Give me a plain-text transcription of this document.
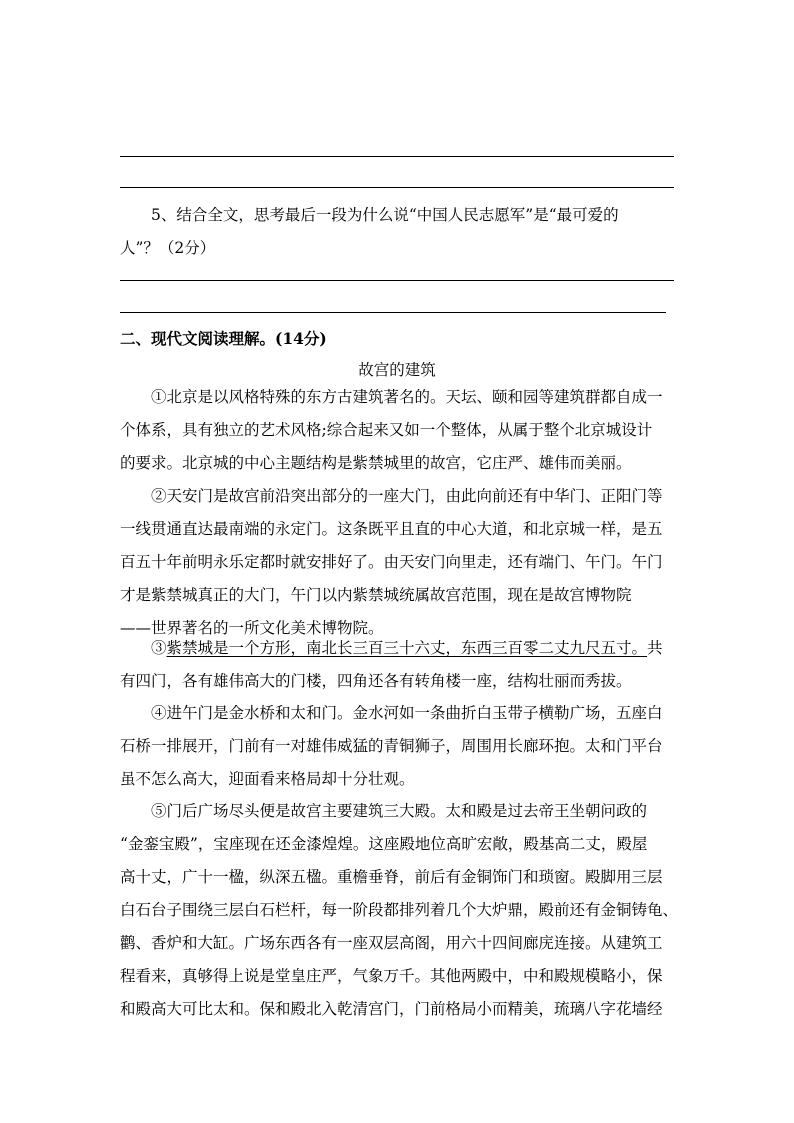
5、结合全文，思考最后一段为什么说“中国人民志愿军”是“最可爱的
人”？（2分）
二、现代文阅读理解。(14分)
故宫的建筑
①北京是以风格特殊的东方古建筑著名的。天坛、颐和园等建筑群都自成一
个体系，具有独立的艺术风格;综合起来又如一个整体，从属于整个北京城设计
的要求。北京城的中心主题结构是紫禁城里的故宫，它庄严、雄伟而美丽。
②天安门是故宫前沿突出部分的一座大门，由此向前还有中华门、正阳门等
一线贯通直达最南端的永定门。这条既平且直的中心大道，和北京城一样，是五
百五十年前明永乐定都时就安排好了。由天安门向里走，还有端门、午门。午门
才是紫禁城真正的大门，午门以内紫禁城统属故宫范围，现在是故宫博物院
——世界著名的一所文化美术博物院。
③紫禁城是一个方形，南北长三百三十六丈，东西三百零二丈九尺五寸。共
有四门，各有雄伟高大的门楼，四角还各有转角楼一座，结构壮丽而秀拔。
④进午门是金水桥和太和门。金水河如一条曲折白玉带子横勒广场，五座白
石桥一排展开，门前有一对雄伟威猛的青铜狮子，周围用长廊环抱。太和门平台
虽不怎么高大，迎面看来格局却十分壮观。
⑤门后广场尽头便是故宫主要建筑三大殿。太和殿是过去帝王坐朝问政的
“金銮宝殿”，宝座现在还金漆煌煌。这座殿地位高旷宏敞，殿基高二丈，殿屋
高十丈，广十一楹，纵深五楹。重檐垂脊，前后有金铜饰门和琐窗。殿脚用三层
白石台子围绕三层白石栏杆，每一阶段都排列着几个大炉鼎，殿前还有金铜铸龟、
鹳、香炉和大缸。广场东西各有一座双层高阁，用六十四间廊庑连接。从建筑工
程看来，真够得上说是堂皇庄严，气象万千。其他两殿中，中和殿规模略小，保
和殿高大可比太和。保和殿北入乾清宫门，门前格局小而精美，琉璃八字花墙经
